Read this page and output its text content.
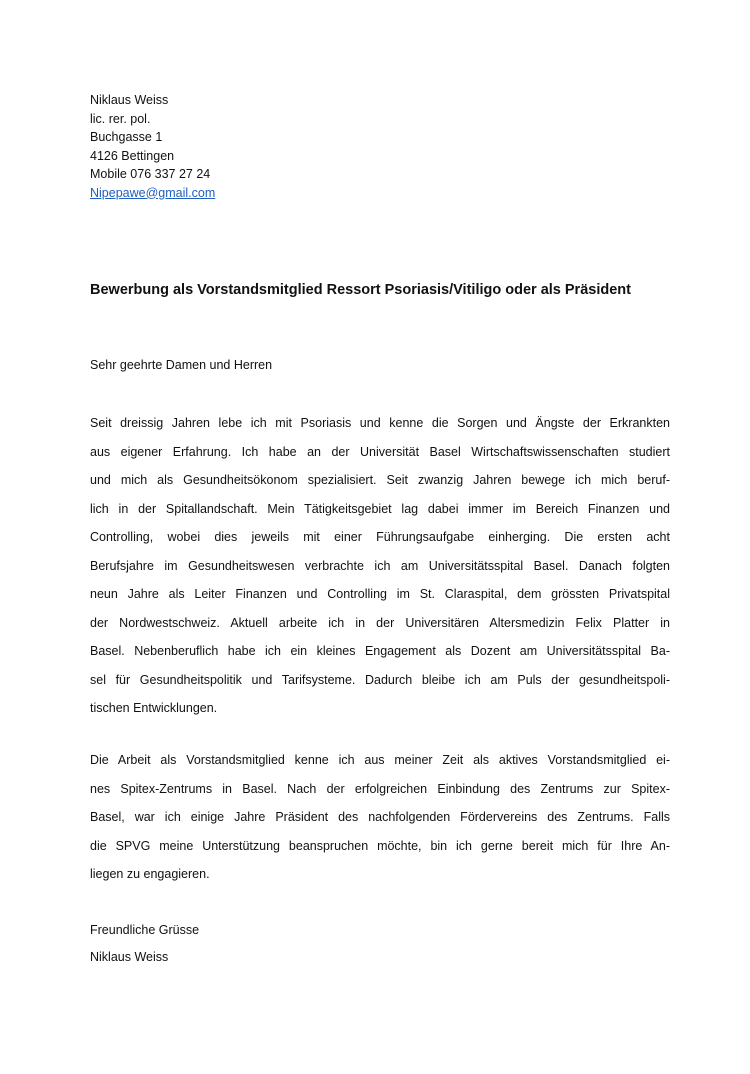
Niklaus Weiss
lic. rer. pol.
Buchgasse 1
4126 Bettingen
Mobile 076 337 27 24
Nipepawe@gmail.com
Bewerbung als Vorstandsmitglied Ressort Psoriasis/Vitiligo oder als Präsident
Sehr geehrte Damen und Herren
Seit dreissig Jahren lebe ich mit Psoriasis und kenne die Sorgen und Ängste der Erkrankten
aus eigener Erfahrung. Ich habe an der Universität Basel Wirtschaftswissenschaften studiert
und mich als Gesundheitsökonom spezialisiert. Seit zwanzig Jahren bewege ich mich beruf-
lich in der Spitallandschaft. Mein Tätigkeitsgebiet lag dabei immer im Bereich Finanzen und
Controlling, wobei dies jeweils mit einer Führungsaufgabe einherging. Die ersten acht
Berufsjahre im Gesundheitswesen verbrachte ich am Universitätsspital Basel. Danach folgten
neun Jahre als Leiter Finanzen und Controlling im St. Claraspital, dem grössten Privatspital
der Nordwestschweiz. Aktuell arbeite ich in der Universitären Altersmedizin Felix Platter in
Basel. Nebenberuflich habe ich ein kleines Engagement als Dozent am Universitätsspital Ba-
sel für Gesundheitspolitik und Tarifsysteme. Dadurch bleibe ich am Puls der gesundheitspoli-
tischen Entwicklungen.
Die Arbeit als Vorstandsmitglied kenne ich aus meiner Zeit als aktives Vorstandsmitglied ei-
nes Spitex-Zentrums in Basel. Nach der erfolgreichen Einbindung des Zentrums zur Spitex-
Basel, war ich einige Jahre Präsident des nachfolgenden Fördervereins des Zentrums. Falls
die SPVG meine Unterstützung beanspruchen möchte, bin ich gerne bereit mich für Ihre An-
liegen zu engagieren.
Freundliche Grüsse
Niklaus Weiss
